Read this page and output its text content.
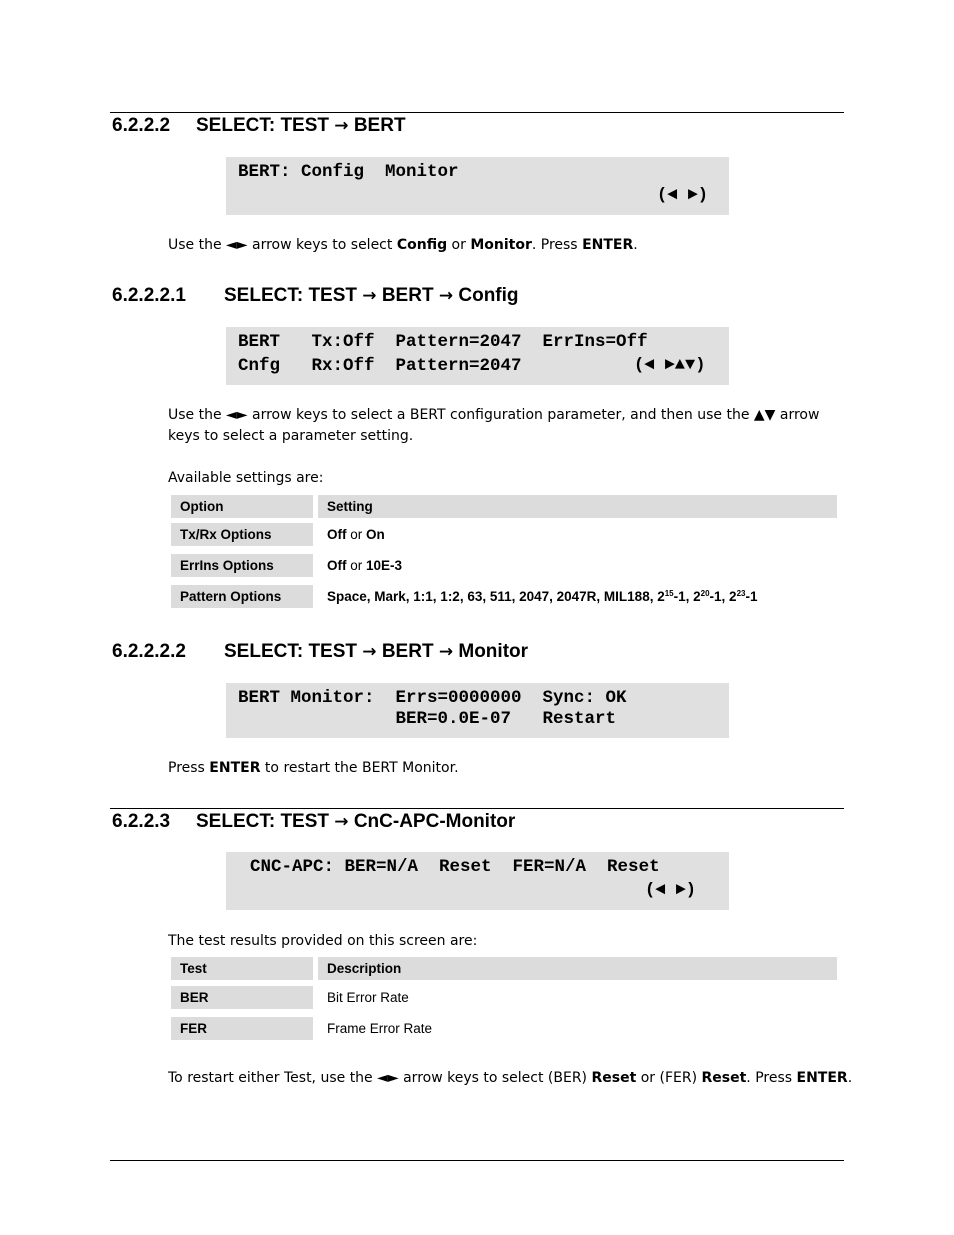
6.2.2.2 SELECT: TEST → BERT
BERT: Config  Monitor
(◄ ►)
Use the ◄► arrow keys to select Config or Monitor. Press ENTER.
6.2.2.2.1 SELECT: TEST → BERT → Config
BERT   Tx:Off  Pattern=2047  ErrIns=Off
Cnfg   Rx:Off  Pattern=2047	(◄ ►▲▼)
Use the ◄► arrow keys to select a BERT configuration parameter, and then use the ▲▼ arrow keys to select a parameter setting.
Available settings are:
Option	Setting
Tx/Rx Options	Off or On
ErrIns Options	Off or 10E-3
Pattern Options	Space, Mark, 1:1, 1:2, 63, 511, 2047, 2047R, MIL188, $2^{15}-1$, $2^{20}-1$, $2^{23}-1$
6.2.2.2.2 SELECT: TEST → BERT → Monitor
BERT Monitor:  Errs=0000000  Sync: OK
BER=0.0E-07   Restart
Press ENTER to restart the BERT Monitor.
6.2.2.3 SELECT: TEST → CnC-APC-Monitor
CNC-APC: BER=N/A  Reset  FER=N/A  Reset
(◄ ►)
The test results provided on this screen are:
Test	Description
BER	Bit Error Rate
FER	Frame Error Rate
To restart either Test, use the ◄► arrow keys to select (BER) Reset or (FER) Reset. Press ENTER.
